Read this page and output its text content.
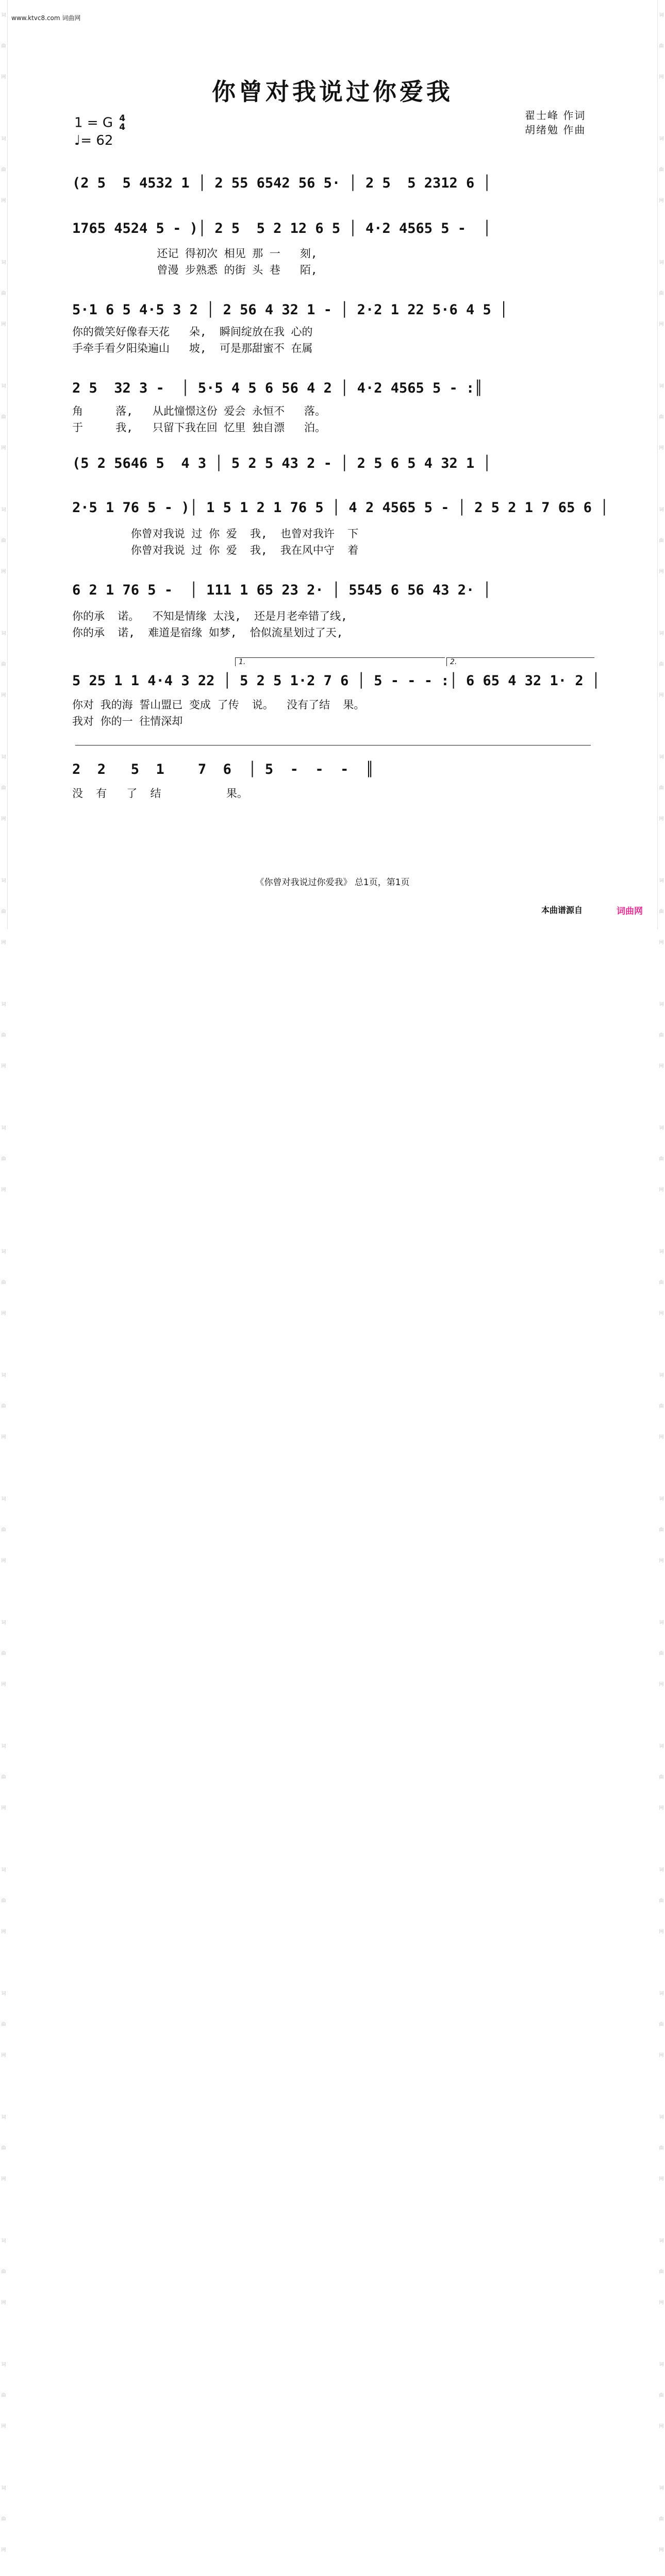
词
曲
网

词
曲
网

词
曲
网

词
曲
网

词
曲
网

词
曲
网

词
曲
网

词
曲
网

词
曲
网

词
曲
网

词
曲
网

词
曲
网

词
曲
网

词
曲
网

词
曲
网

词
曲
网

词
曲
网

词
曲
网

词
曲
网

词
曲
网

词
曲
网

词
曲
网

词
曲
网

词
曲
网

词
曲
网

词
曲
网

词
曲
网

词
曲
网

词
曲
网

词
曲
网

词
曲
网

词
曲
网

词
曲
网

词
曲
网

词
曲
网

词
曲
网

词
曲
网

词
曲
网

词
曲
网

词
曲
网

词
曲
网

词
曲
网

www.ktvc8.com 词曲网
你曾对我说过你爱我
1 = G 4
4
♩= 62
翟士峰 作词
胡绪勉 作曲
(2 5  5 4532 1 │ 2 55 6542 56 5· │ 2 5  5 2312 6 │
1765 4524 5 - )│ 2 5  5 2 12 6 5 │ 4·2 4565 5 -  │
还记 得初次 相见 那 一   刻,
曾漫 步熟悉 的街 头 巷   陌,
5·1 6 5 4·5 3 2 │ 2 56 4 32 1 - │ 2·2 1 22 5·6 4 5 │
你的微笑好像春天花   朵,  瞬间绽放在我 心的
手牵手看夕阳染遍山   坡,  可是那甜蜜不 在属
2 5  32 3 -  │ 5·5 4 5 6 56 4 2 │ 4·2 4565 5 - :║
角     落,   从此憧憬这份 爱会 永恒不   落。
于     我,   只留下我在回 忆里 独自漂   泊。
(5 2 5646 5  4 3 │ 5 2 5 43 2 - │ 2 5 6 5 4 32 1 │
2·5 1 76 5 - )│ 1 5 1 2 1 76 5 │ 4 2 4565 5 - │ 2 5 2 1 7 65 6 │
你曾对我说 过 你 爱  我,  也曾对我许  下
你曾对我说 过 你 爱  我,  我在风中守  着
6 2 1 76 5 -  │ 111 1 65 23 2· │ 5545 6 56 43 2· │
你的承  诺。  不知是情缘 太浅,  还是月老牵错了线,
你的承  诺,  难道是宿缘 如梦,  恰似流星划过了天,
1.	2.
5 25 1 1 4·4 3 22 │ 5 2 5 1·2 7 6 │ 5 - - - :│ 6 65 4 32 1· 2 │
你对 我的海 誓山盟已 变成 了传  说。  没有了结  果。
我对 你的一 往情深却
2  2   5  1    7  6  │ 5  -  -  -  ║
没  有   了  结          果。
《你曾对我说过你爱我》 总1页，第1页
本曲谱源自	词曲网
